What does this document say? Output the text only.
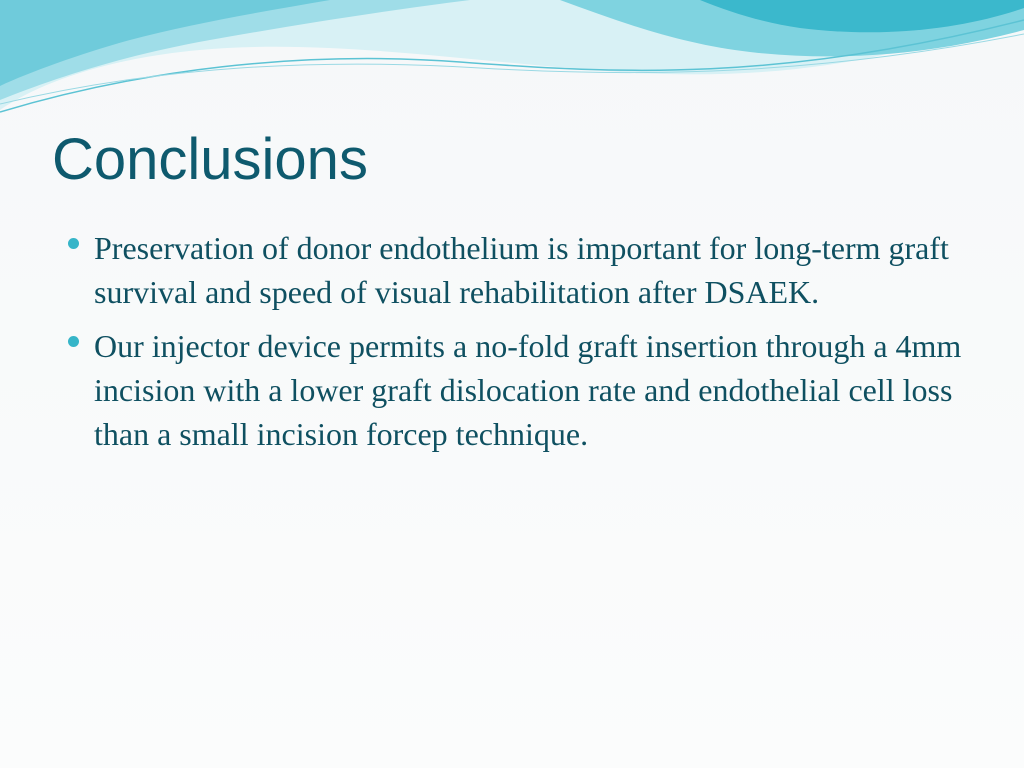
Conclusions
Preservation of donor endothelium is important for long-term graft survival and speed of visual rehabilitation after DSAEK.
Our injector device permits a no-fold graft insertion through a 4mm incision with a lower graft dislocation rate and endothelial cell loss than a small incision forcep technique.
